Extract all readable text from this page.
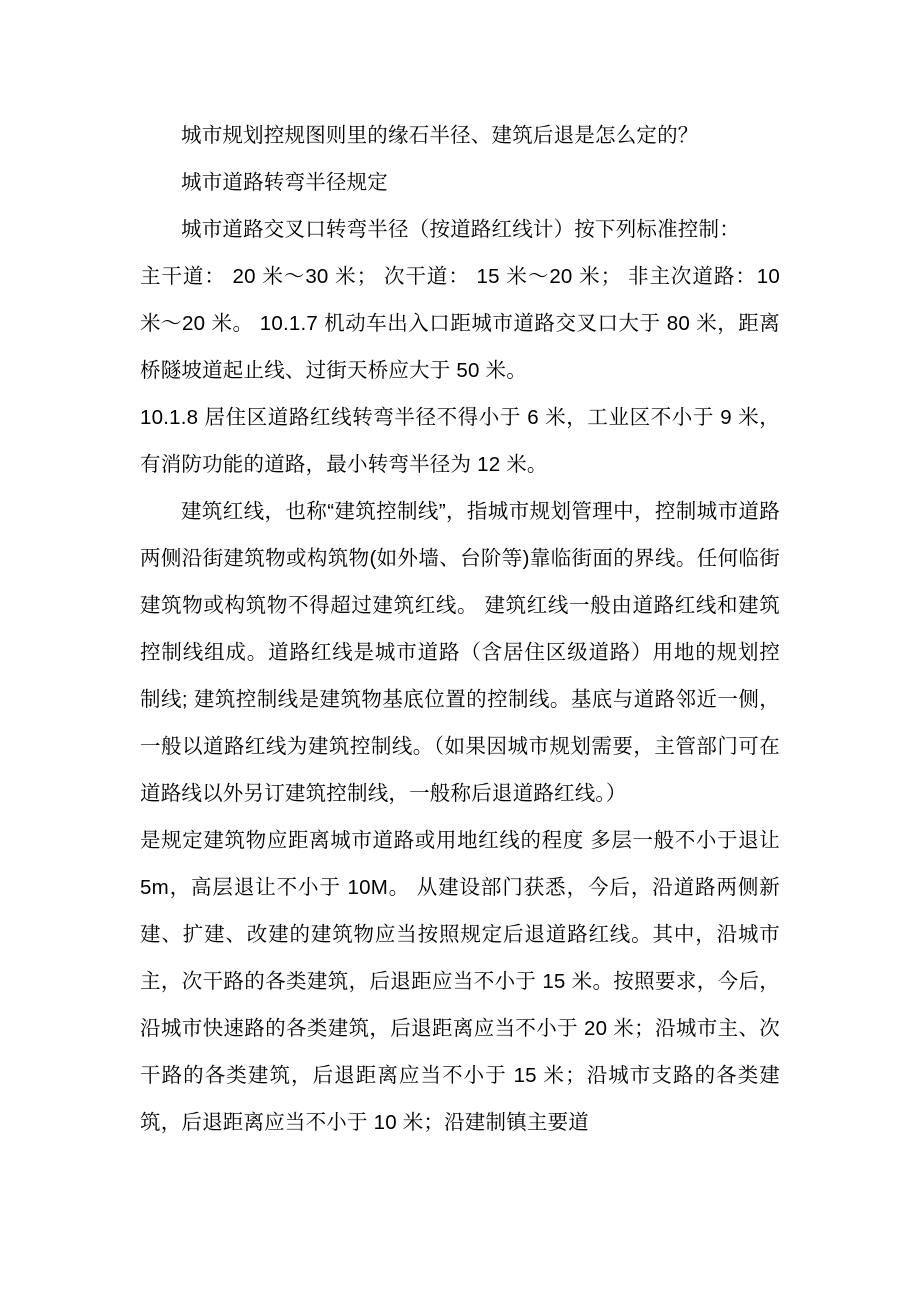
城市规划控规图则里的缘石半径、建筑后退是怎么定的？

城市道路转弯半径规定

城市道路交叉口转弯半径（按道路红线计）按下列标准控制：

主干道： 20 米～30 米； 次干道： 15 米～20 米； 非主次道路：10 米～20 米。 10.1.7 机动车出入口距城市道路交叉口大于 80 米，距离桥隧坡道起止线、过街天桥应大于 50 米。

10.1.8 居住区道路红线转弯半径不得小于 6 米，工业区不小于 9 米，有消防功能的道路，最小转弯半径为 12 米。

建筑红线，也称“建筑控制线”，指城市规划管理中，控制城市道路两侧沿街建筑物或构筑物(如外墙、台阶等)靠临街面的界线。任何临街建筑物或构筑物不得超过建筑红线。 建筑红线一般由道路红线和建筑控制线组成。道路红线是城市道路（含居住区级道路）用地的规划控制线; 建筑控制线是建筑物基底位置的控制线。基底与道路邻近一侧，一般以道路红线为建筑控制线。（如果因城市规划需要，主管部门可在道路线以外另订建筑控制线，一般称后退道路红线。）

是规定建筑物应距离城市道路或用地红线的程度 多层一般不小于退让 5m，高层退让不小于 10M。 从建设部门获悉，今后，沿道路两侧新建、扩建、改建的建筑物应当按照规定后退道路红线。其中，沿城市主，次干路的各类建筑，后退距应当不小于 15 米。按照要求，今后，沿城市快速路的各类建筑，后退距离应当不小于 20 米；沿城市主、次干路的各类建筑，后退距离应当不小于 15 米；沿城市支路的各类建筑，后退距离应当不小于 10 米；沿建制镇主要道
